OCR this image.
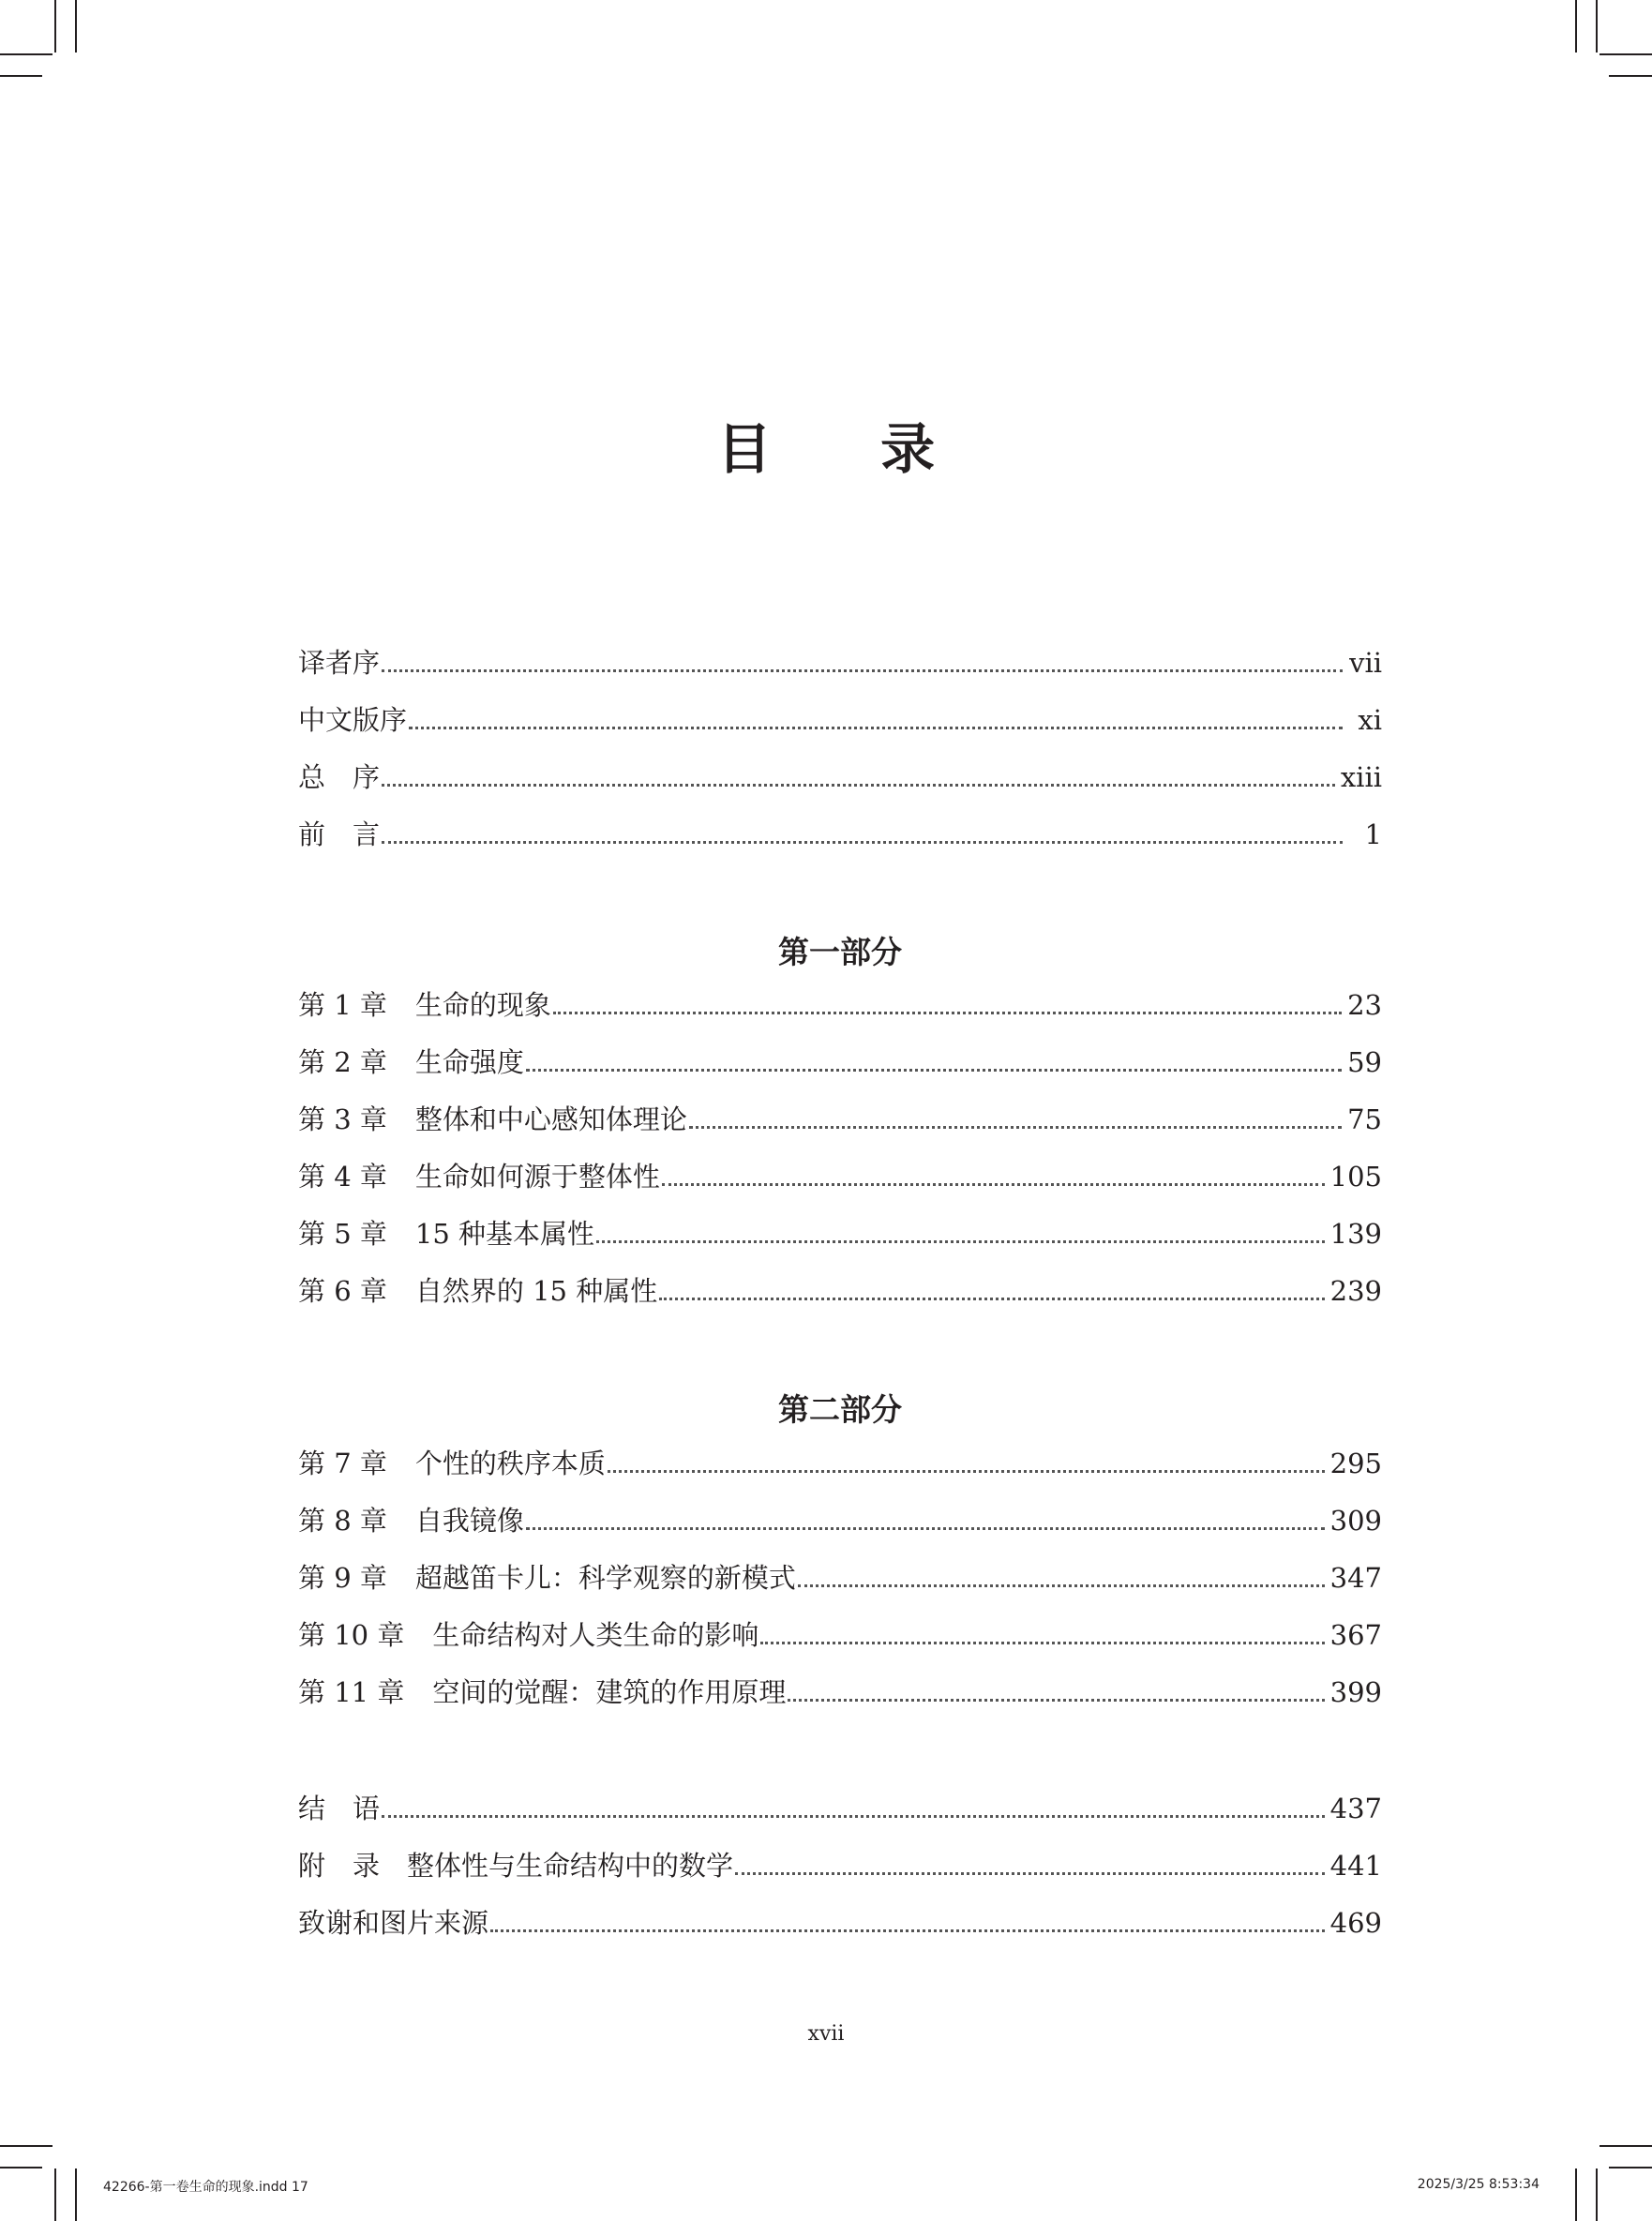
目 录
译者序	vii
中文版序	xi
总　序	xiii
前　言	1
第一部分
第 1 章 生命的现象	23
第 2 章 生命强度	59
第 3 章 整体和中心感知体理论	75
第 4 章 生命如何源于整体性	105
第 5 章 15 种基本属性	139
第 6 章 自然界的 15 种属性	239
第二部分
第 7 章 个性的秩序本质	295
第 8 章 自我镜像	309
第 9 章 超越笛卡儿：科学观察的新模式	347
第 10 章 生命结构对人类生命的影响	367
第 11 章 空间的觉醒：建筑的作用原理	399
结　语	437
附　录　整体性与生命结构中的数学	441
致谢和图片来源	469
xvii
42266-第一卷生命的现象.indd 17	2025/3/25 8:53:34
